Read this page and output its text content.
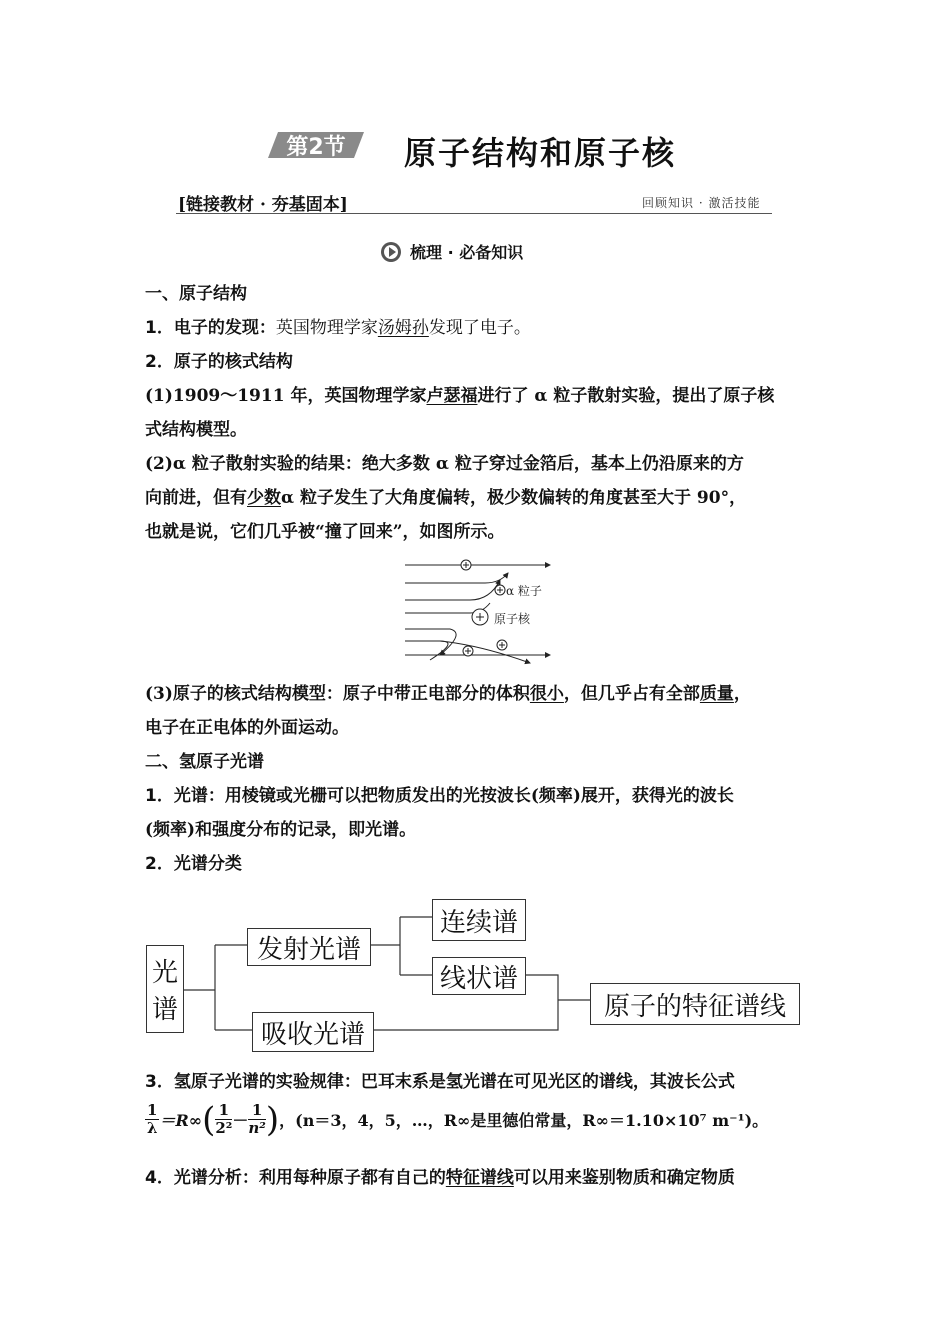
第2节 原子结构和原子核
[链接教材 · 夯基固本]	回顾知识 · 激活技能
梳理 · 必备知识
一、原子结构
1．电子的发现：英国物理学家汤姆孙发现了电子。
2．原子的核式结构
(1)1909～1911 年，英国物理学家卢瑟福进行了 α 粒子散射实验，提出了原子核
式结构模型。
(2)α 粒子散射实验的结果：绝大多数 α 粒子穿过金箔后，基本上仍沿原来的方
向前进，但有少数α 粒子发生了大角度偏转，极少数偏转的角度甚至大于 90°，
也就是说，它们几乎被“撞了回来”，如图所示。
α 粒子
原子核
(3)原子的核式结构模型：原子中带正电部分的体积很小，但几乎占有全部质量，
电子在正电体的外面运动。
二、氢原子光谱
1．光谱：用棱镜或光栅可以把物质发出的光按波长(频率)展开，获得光的波长
(频率)和强度分布的记录，即光谱。
2．光谱分类
光
谱
发射光谱
连续谱
线状谱
吸收光谱
原子的特征谱线
3．氢原子光谱的实验规律：巴耳末系是氢光谱在可见光区的谱线，其波长公式
$\frac{1}{\lambda} =R\infty$ ( $\frac{1}{\text{2²}} - \frac{1}{\text{n²}}$ ) ，(n＝3，4，5，…，R∞是里德伯常量，R∞＝1.10×10⁷ m⁻¹)。
4．光谱分析：利用每种原子都有自己的特征谱线可以用来鉴别物质和确定物质
